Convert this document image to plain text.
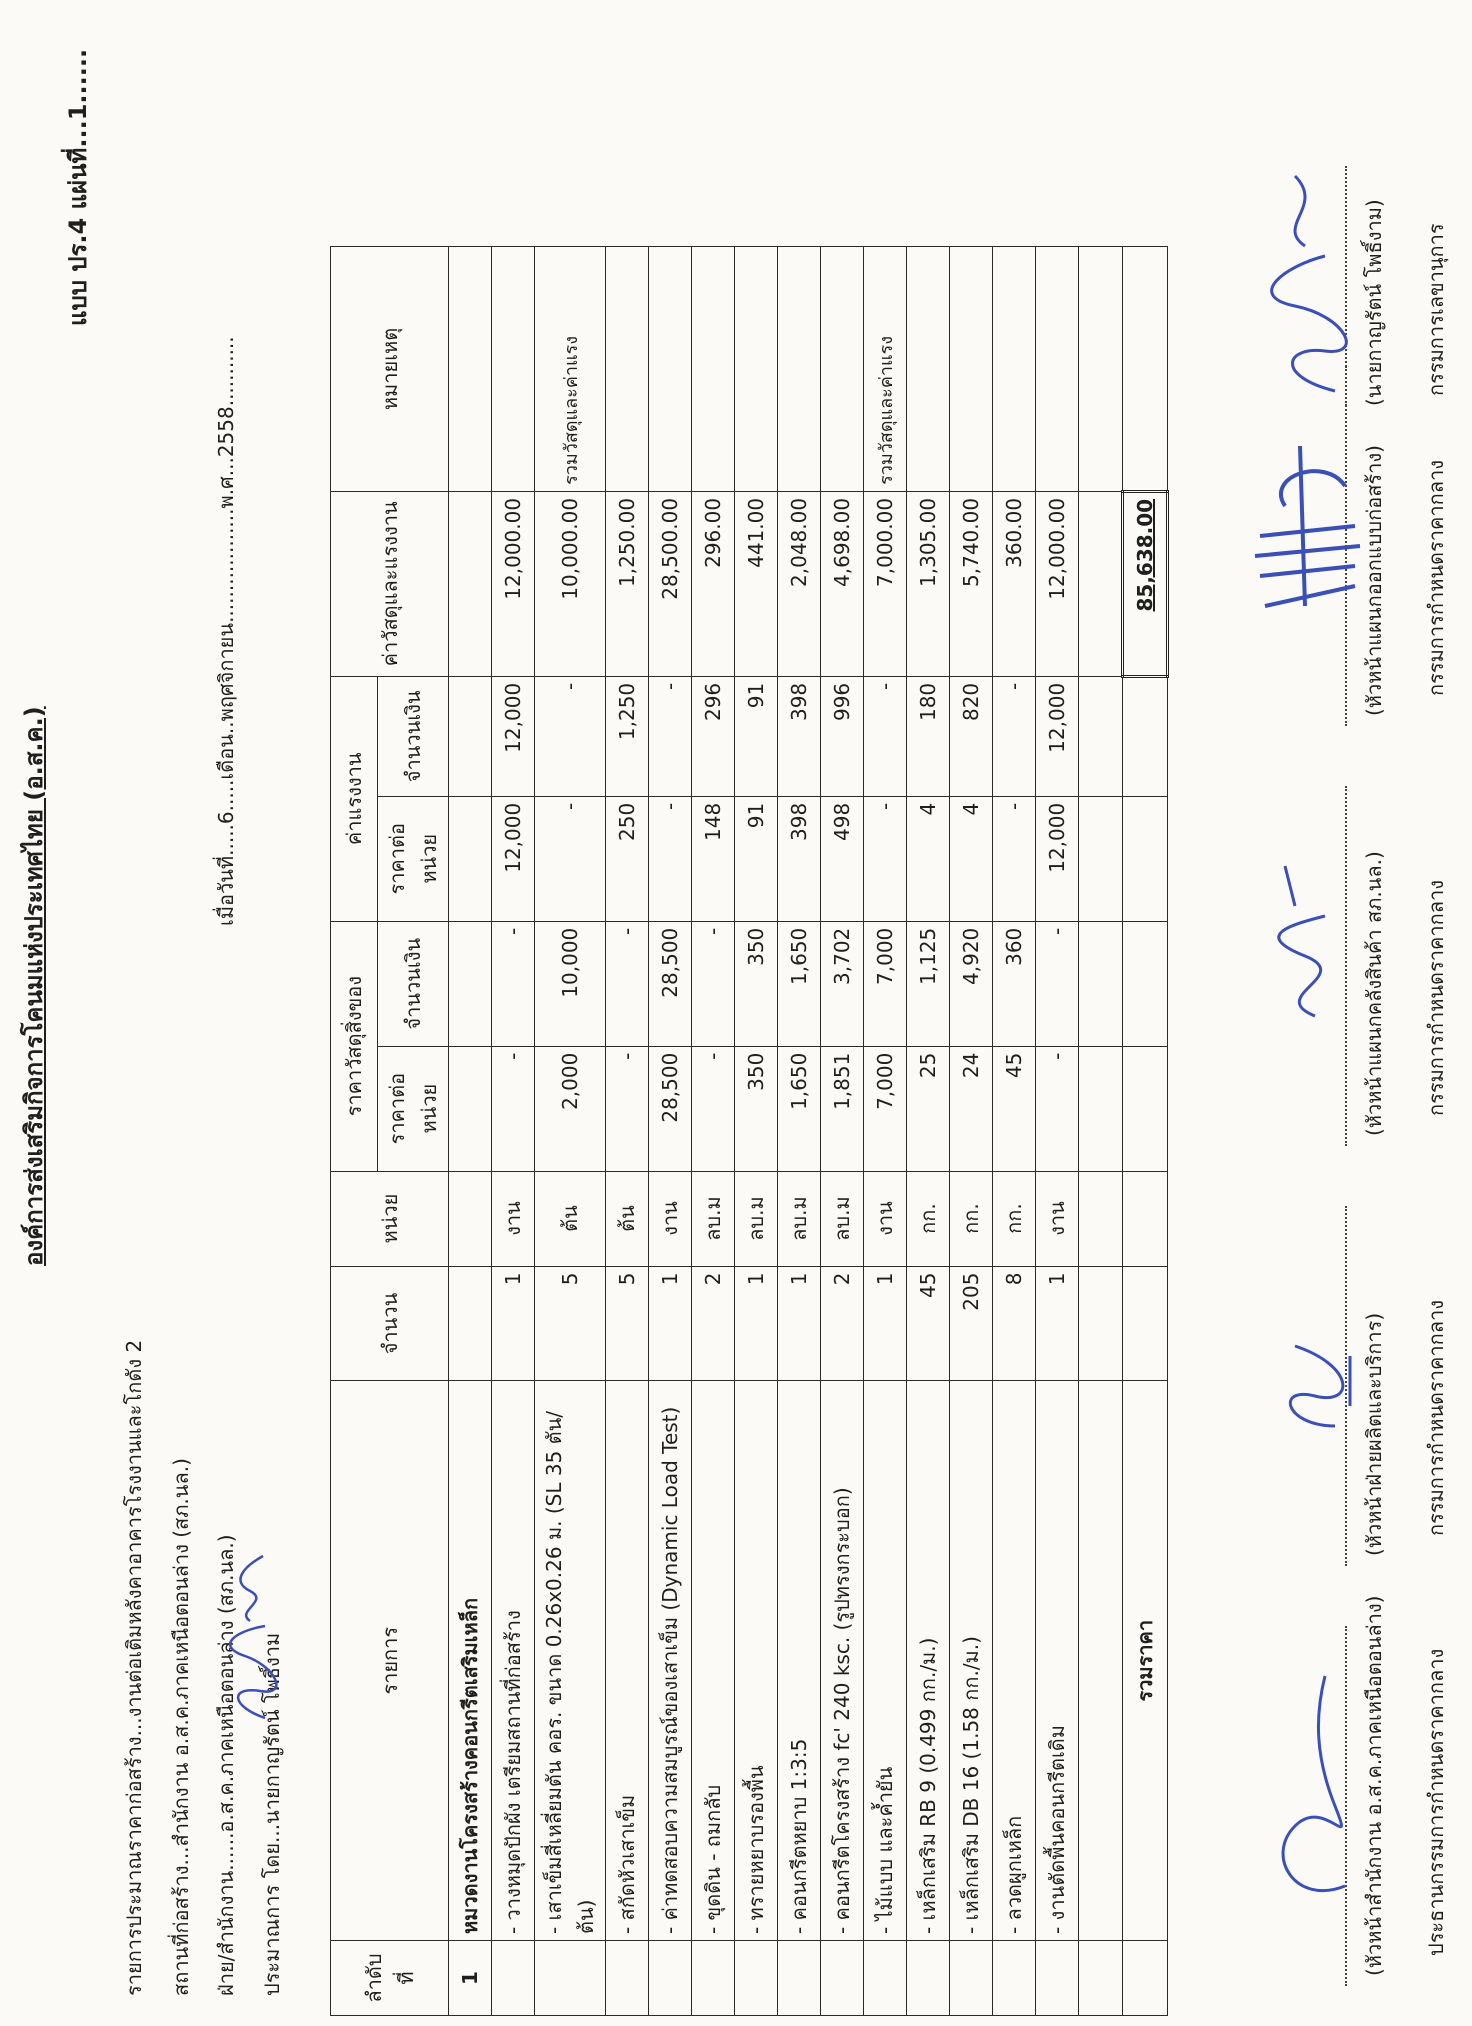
องค์การส่งเสริมกิจการโคนมแห่งประเทศไทย (อ.ส.ค.)
แบบ ปร.4 แผ่นที่...1......
รายการประมาณราคาก่อสร้าง...งานต่อเติมหลังคาอาคารโรงงานและโกดัง 2 สถานที่ก่อสร้าง...สำนักงาน อ.ส.ค.ภาคเหนือตอนล่าง (สภ.นล.) ฝ่าย/สำนักงาน......อ.ส.ค.ภาคเหนือตอนล่าง (สภ.นล.)
เมื่อวันที่.....6.....เดือน..พฤศจิกายน..................พ.ศ...2558...........
ประมาณการ โดย...นายกาญรัตน์ โพธิ์งาม	ลำดับที่	รายการ	จำนวน	หน่วย	ราคาวัสดุสิ่งของ		ค่าแรงงาน		ค่าวัสดุและแรงงาน	หมายเหตุ
				ราคาต่อหน่วย	จำนวนเงิน	ราคาต่อหน่วย	จำนวนเงิน		
1	หมวดงานโครงสร้างคอนกรีตเสริมเหล็ก								
	- วางหมุดปักผัง เตรียมสถานที่ก่อสร้าง	1	งาน	-	-	12,000	12,000	12,000.00	
	- เสาเข็มสี่เหลี่ยมตัน คอร. ขนาด 0.26x0.26 ม. (SL 35 ตัน/ต้น)	5	ต้น	2,000	10,000	-	-	10,000.00	รวมวัสดุและค่าแรง
	- สกัดหัวเสาเข็ม	5	ต้น	-	-	250	1,250	1,250.00	
	- ค่าทดสอบความสมบูรณ์ของเสาเข็ม (Dynamic Load Test)	1	งาน	28,500	28,500	-	-	28,500.00	
	- ขุดดิน - ถมกลับ	2	ลบ.ม	-	-	148	296	296.00	
	- ทรายหยาบรองพื้น	1	ลบ.ม	350	350	91	91	441.00	
	- คอนกรีตหยาบ 1:3:5	1	ลบ.ม	1,650	1,650	398	398	2,048.00	
	- คอนกรีตโครงสร้าง fc' 240 ksc. (รูปทรงกระบอก)	2	ลบ.ม	1,851	3,702	498	996	4,698.00	
	- ไม้แบบ และค้ำยัน	1	งาน	7,000	7,000	-	-	7,000.00	รวมวัสดุและค่าแรง
	- เหล็กเสริม RB 9 (0.499 กก./ม.)	45	กก.	25	1,125	4	180	1,305.00	
	- เหล็กเสริม DB 16 (1.58 กก./ม.)	205	กก.	24	4,920	4	820	5,740.00	
	- ลวดผูกเหล็ก	8	กก.	45	360	-	-	360.00	
	- งานตัดพื้นคอนกรีตเดิม	1	งาน	-	-	12,000	12,000	12,000.00	

	รวมราคา							85,638.00	
(หัวหน้าสำนักงาน อ.ส.ค.ภาคเหนือตอนล่าง) ประธานกรรมการกำหนดราคากลาง
(หัวหน้าฝ่ายผลิตและบริการ) กรรมการกำหนดราคากลาง
(หัวหน้าแผนกคลังสินค้า สภ.นล.) กรรมการกำหนดราคากลาง
(หัวหน้าแผนกออกแบบก่อสร้าง) กรรมการกำหนดราคากลาง
(นายกาญรัตน์ โพธิ์งาม) กรรมการเลขานุการ
